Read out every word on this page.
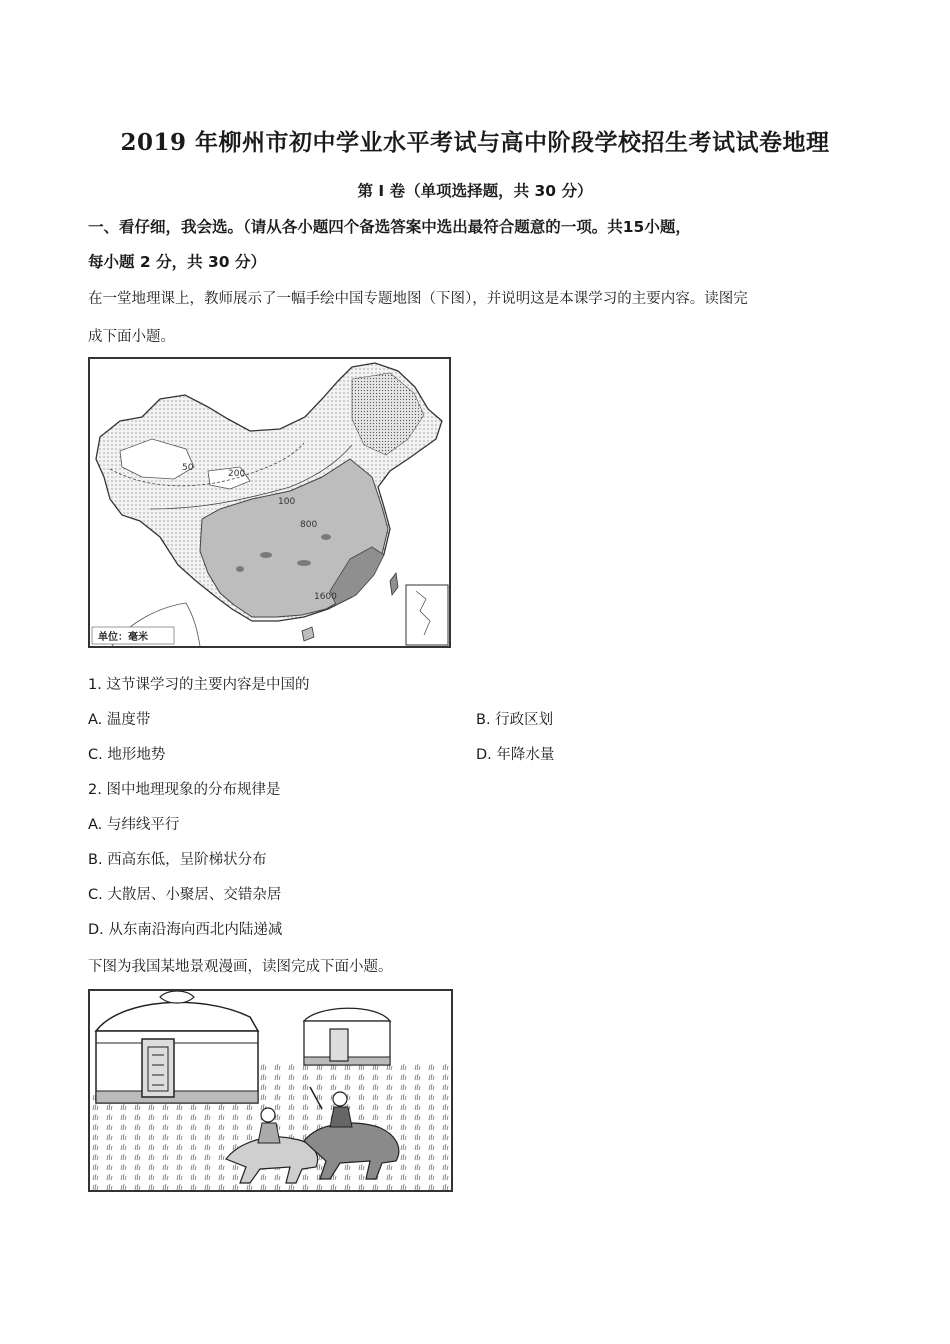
2019 年柳州市初中学业水平考试与高中阶段学校招生考试试卷地理
第 I 卷（单项选择题，共 30 分）
一、看仔细，我会选。（请从各小题四个备选答案中选出最符合题意的一项。共15小题，
每小题 2 分，共 30 分）
在一堂地理课上，教师展示了一幅手绘中国专题地图（下图），并说明这是本课学习的主要内容。读图完
成下面小题。
50
200
100
800
1600
单位：毫米
1. 这节课学习的主要内容是中国的
A. 温度带	B. 行政区划
C. 地形地势	D. 年降水量
2. 图中地理现象的分布规律是
A. 与纬线平行
B. 西高东低，呈阶梯状分布
C. 大散居、小聚居、交错杂居
D. 从东南沿海向西北内陆递减
下图为我国某地景观漫画，读图完成下面小题。
